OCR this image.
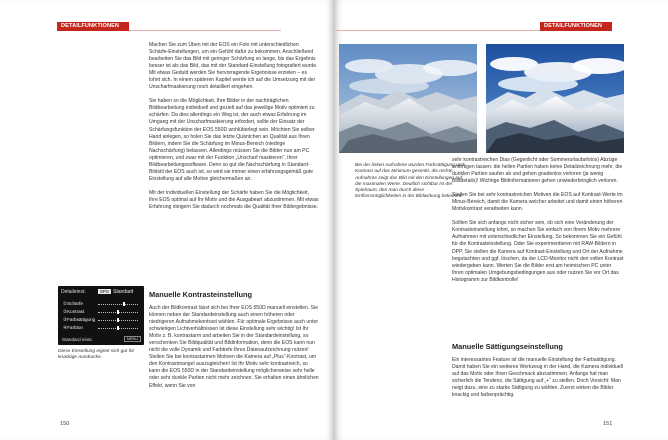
DETAILFUNKTIONEN

Machen Sie zum Üben mit der EOS ein Foto mit unterschiedlichen Schärfe-Einstellungen, um ein Gefühl dafür zu bekommen. Anschließend bearbeiten Sie das Bild mit geringer Schärfung so lange, bis das Ergebnis besser ist als das Bild, das mit der Standard-Einstellung fotografiert wurde. Mit etwas Geduld werden Sie hervorragende Ergebnisse erzielen – es lohnt sich. In einem späteren Kapitel werde ich auf die Umsetzung mit der Unscharfmaskierung noch detailliert eingehen.

Sie haben so die Möglichkeit, Ihre Bilder in der nachträglichen Bildbearbeitung individuell und gezielt auf das jeweilige Motiv optimiert zu schärfen. Da dies allerdings ein Weg ist, der auch etwas Erfahrung im Umgang mit der Unscharfmaskierung erfordert, sollte der Einsatz der Schärfungsfunktion der EOS 550D wohlüberlegt sein. Möchten Sie selber Hand anlegen, so holen Sie das letzte Quäntchen an Qualität aus Ihren Bildern, indem Sie die Schärfung im Minus-Bereich (niedrige Nachschärfung) belassen. Allerdings müssen Sie die Bilder nun am PC optimieren, und zwar mit der Funktion „Unscharf maskieren“. Ihrer Bildbearbeitungssoftware. Denn so gut die Nachschärfung in Standard-Bildstil der EOS auch ist, so wird sie immer einen erfahrungsgemäß gute Einstellung auf alle Motive gleichermaßen an.

Mit der individuellen Einstellung der Schärfe haben Sie die Möglichkeit, Ihre EOS optimal auf Ihr Motiv und die Ausgabeart abzustimmen. Mit etwas Erfahrung steigern Sie dadurch nochmals die Qualität Ihrer Bildergebnisse.

Manuelle Kontrasteinstellung

Auch der Bildkontrast lässt sich bei Ihrer EOS 550D manuell einstellen. Sie können neben der Standardeinstellung auch einen höheren oder niedrigeren Aufnahmekontrast wählen. Für optimale Ergebnisse auch unter schwierigen Lichtverhältnissen ist diese Einstellung sehr wichtig! Ist Ihr Motiv z. B. kontrastarm und arbeiten Sie in der Standardeinstellung, so verschenken Sie Bildqualität und Bildinformation, denn die EOS kann nun nicht die volle Dynamik und Farbtiefe Ihres Datenaufzeichnung nutzen! Stellen Sie bei kontrastarmen Motiven die Kamera auf „Plus“-Kontrast, um den Kontrastmangel auszugleichen! Ist Ihr Motiv sehr kontrastreich, so kann die EOS 550D in der Standardeinstellung möglicherweise sehr helle oder sehr dunkle Partien nicht mehr zeichnen. Sie erhalten einen ähnlichen Effekt, wenn Sie von

Detaileinst.	SPS Standard
①Schärfe
②Kontrast
③Farbsättigung
④Farbton
Standard einst.	MENU
Diese Einstellung eignet sich gut für knackige Ausdrucke.
150
DETAILFUNKTIONEN
Bei der linken Aufnahme wurden Farbsättigung und Kontrast auf das Minimum gesenkt, die rechte Aufnahme zeigt das Bild mit den Einstellungen auf die maximalen Werte. Deutlich sichtbar ist der Spielraum, den man durch diese Einflussmöglichkeiten in der Bildwirkung bekommt.

sehr kontrastreichen Dias (Gegenlicht oder Sommerurlaubsfotos) Abzüge anfertigen lassen: die hellen Partien haben keine Detailzeichnung mehr, die dunklen Partien saufen ab und gehen gnadenlos verloren (ja wenig Bilddetails)! Wichtige Bildinformationen gehen unwiederbringlich verloren.

Stellen Sie bei sehr kontrastreichen Motiven die EOS auf Kontrast-Werte im Minus-Bereich, damit die Kamera weicher arbeitet und damit einen höheren Motivkontrast verarbeiten kann.

Sollten Sie sich anfangs nicht sicher sein, ob sich eine Veränderung der Kontrasteinstellung lohnt, so machen Sie einfach von Ihrem Motiv mehrere Aufnahmen mit unterschiedlicher Einstellung. So bekommen Sie ein Gefühl für die Kontrasteinstellung. Oder Sie experimentieren mit RAW-Bildern in DPP. Sie stellen die Kamera auf Kontrast-Einstellung und Ort der Aufnahme begutachten und ggf. löschen, da der LCD-Monitor nicht den vollen Kontrast wiedergeben kann. Werten Sie die Bilder erst am heimischen PC unter Ihren optimalen Umgebungsbedingungen aus oder nutzen Sie vor Ort das Histogramm zur Bildkontrolle!

Manuelle Sättigungseinstellung

Ein interessantes Feature ist die manuelle Einstellung der Farbsättigung. Damit haben Sie ein weiteres Werkzeug in der Hand, die Kamera individuell auf das Motiv oder Ihren Geschmack abzustimmen. Anfangs hat man sicherlich die Tendenz, die Sättigung auf „+“ zu stellen. Doch Vorsicht: Man neigt dazu, eine zu starke Sättigung zu wählen. Zuerst wirken die Bilder knackig und farbenprächtig.

151
